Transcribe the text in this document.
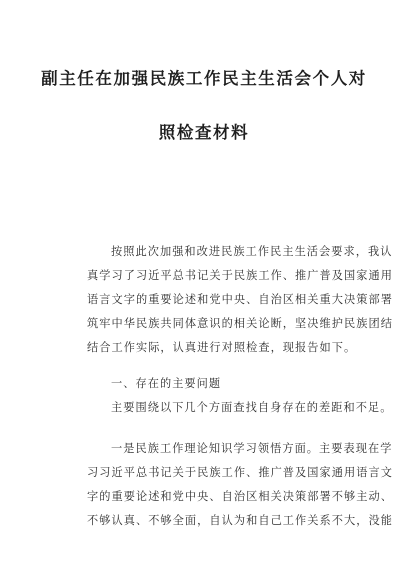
副主任在加强民族工作民主生活会个人对
照检查材料
按照此次加强和改进民族工作民主生活会要求，我认
真学习了习近平总书记关于民族工作、推广普及国家通用
语言文字的重要论述和党中央、自治区相关重大决策部署
筑牢中华民族共同体意识的相关论断，坚决维护民族团结
结合工作实际，认真进行对照检查，现报告如下。
一、存在的主要问题
主要围绕以下几个方面查找自身存在的差距和不足。
一是民族工作理论知识学习领悟方面。主要表现在学
习习近平总书记关于民族工作、推广普及国家通用语言文
字的重要论述和党中央、自治区相关决策部署不够主动、
不够认真、不够全面，自认为和自己工作关系不大，没能
